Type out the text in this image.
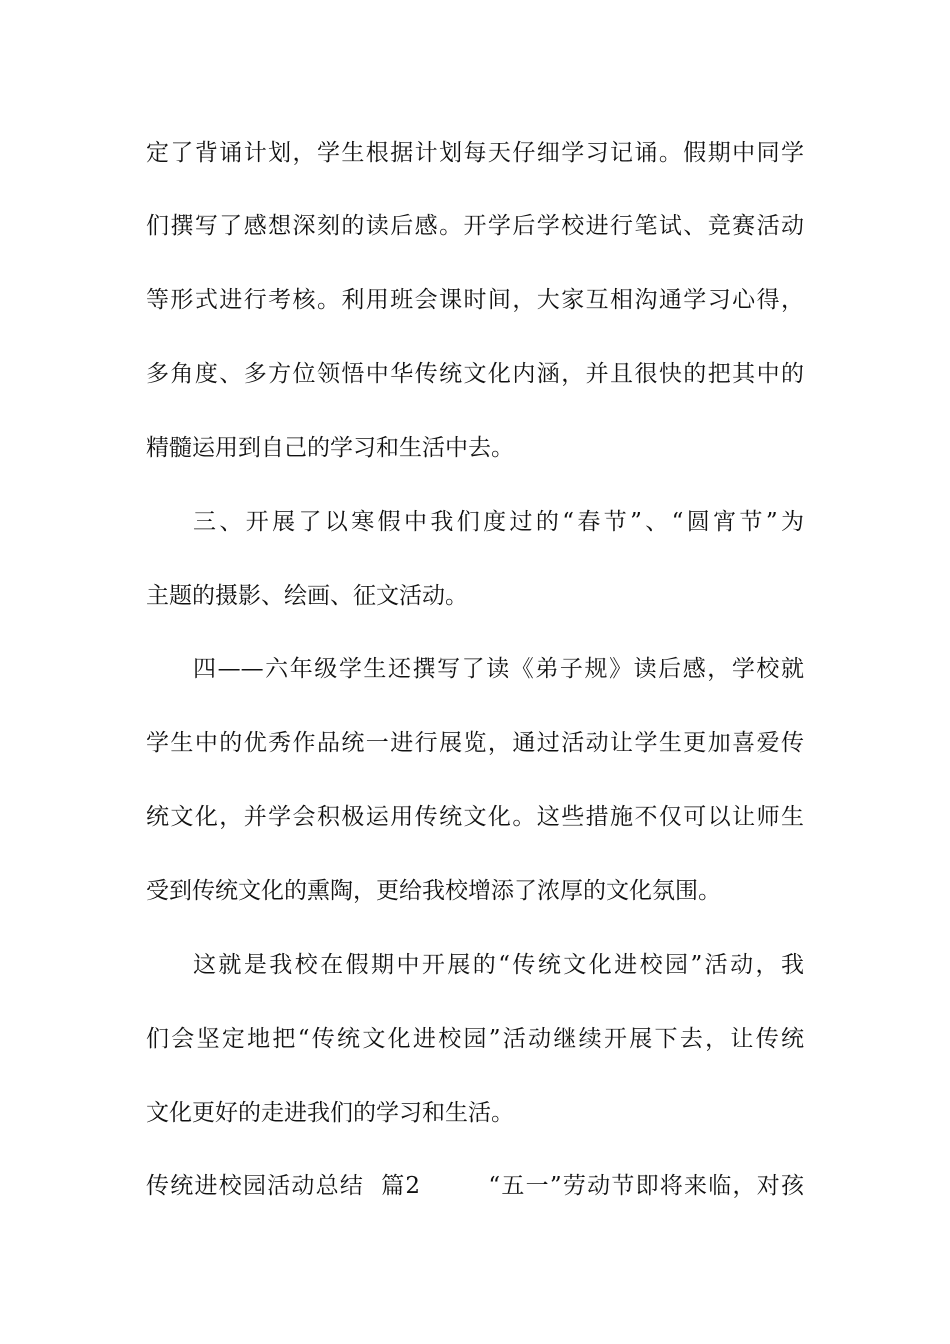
定了背诵计划，学生根据计划每天仔细学习记诵。假期中同学
们撰写了感想深刻的读后感。开学后学校进行笔试、竞赛活动
等形式进行考核。利用班会课时间，大家互相沟通学习心得，
多角度、多方位领悟中华传统文化内涵，并且很快的把其中的
精髓运用到自己的学习和生活中去。
三、开展了以寒假中我们度过的“春节”、“圆宵节”为
主题的摄影、绘画、征文活动。
四——六年级学生还撰写了读《弟子规》读后感，学校就
学生中的优秀作品统一进行展览，通过活动让学生更加喜爱传
统文化，并学会积极运用传统文化。这些措施不仅可以让师生
受到传统文化的熏陶，更给我校增添了浓厚的文化氛围。
这就是我校在假期中开展的“传统文化进校园”活动，我
们会坚定地把“传统文化进校园”活动继续开展下去，让传统
文化更好的走进我们的学习和生活。
传统进校园活动总结  篇2        “五一”劳动节即将来临，对孩
